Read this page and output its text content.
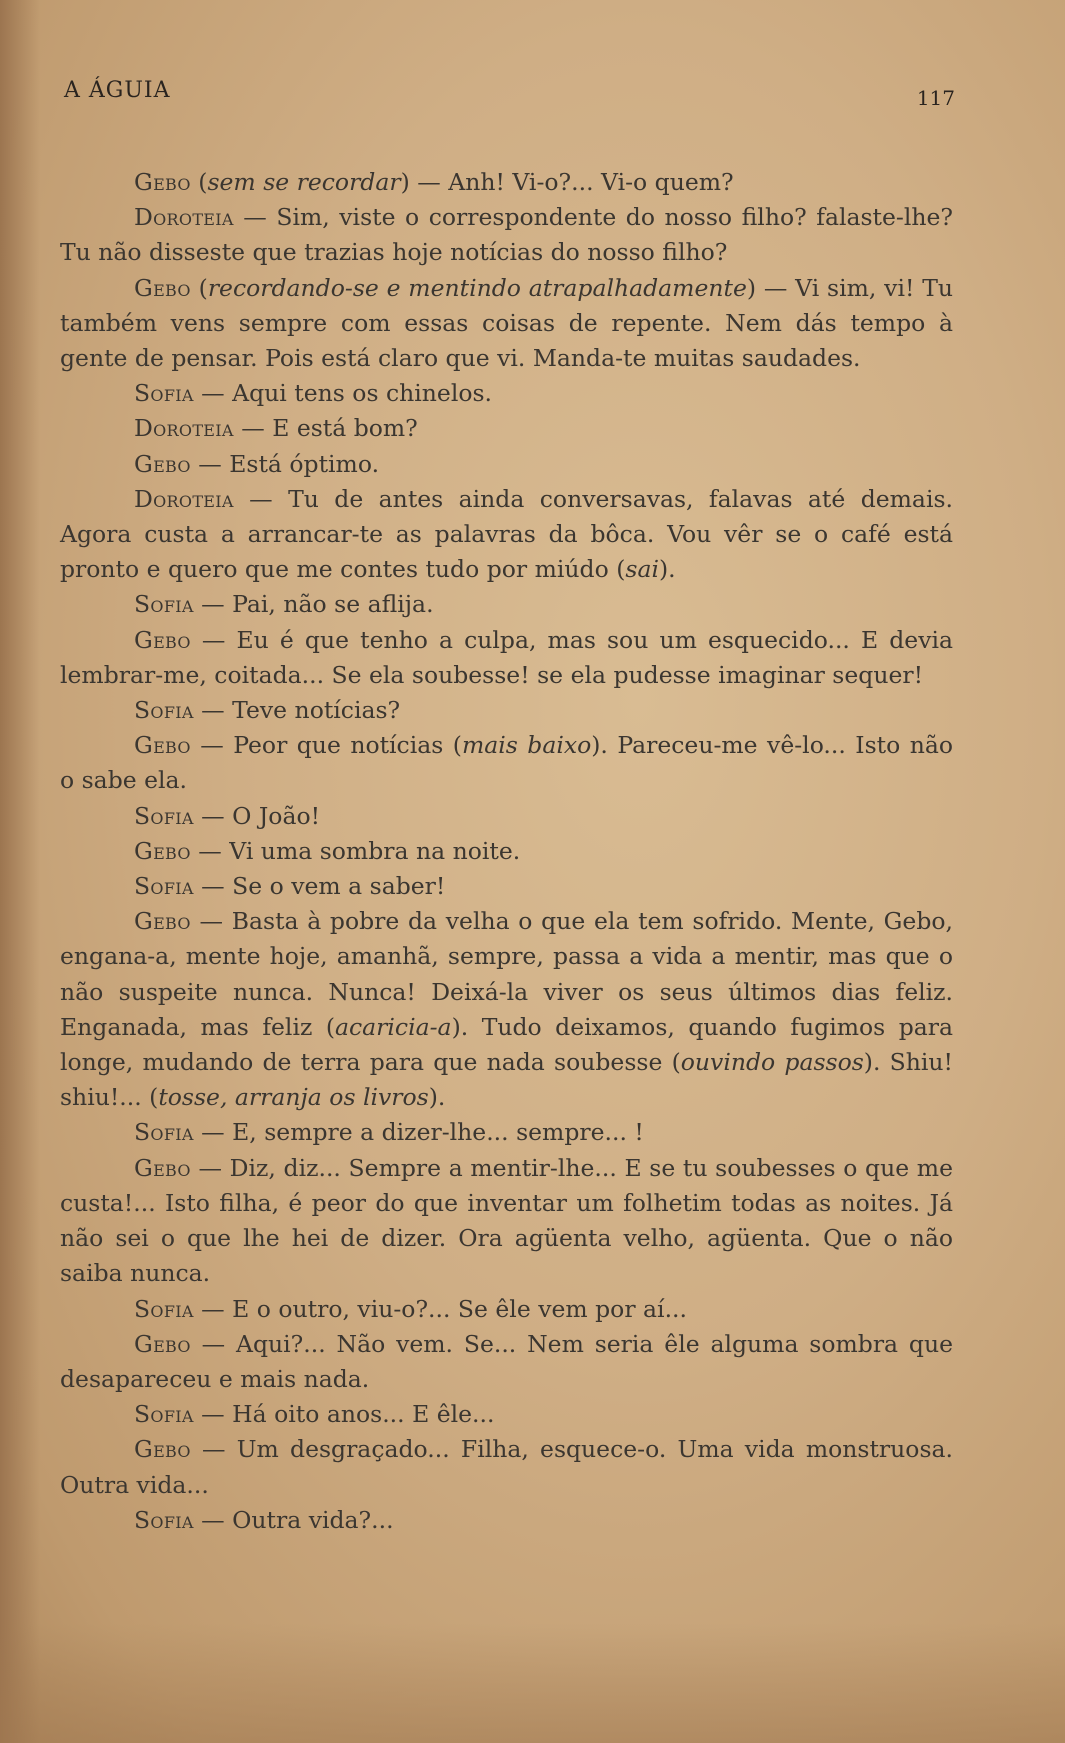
A ÁGUIA	117

Gebo (sem se recordar) — Anh! Vi-o?... Vi-o quem?

Doroteia — Sim, viste o correspondente do nosso filho? falaste-lhe? Tu não disseste que trazias hoje notícias do nosso filho?

Gebo (recordando-se e mentindo atrapalhadamente) — Vi sim, vi! Tu também vens sempre com essas coisas de repente. Nem dás tempo à gente de pensar. Pois está claro que vi. Manda-te muitas saudades.

Sofia — Aqui tens os chinelos.

Doroteia — E está bom?

Gebo — Está óptimo.

Doroteia — Tu de antes ainda conversavas, falavas até demais. Agora custa a arrancar-te as palavras da bôca. Vou vêr se o café está pronto e quero que me contes tudo por miúdo (sai).

Sofia — Pai, não se aflija.

Gebo — Eu é que tenho a culpa, mas sou um esquecido... E devia lembrar-me, coitada... Se ela soubesse! se ela pudesse imaginar sequer!

Sofia — Teve notícias?

Gebo — Peor que notícias (mais baixo). Pareceu-me vê-lo... Isto não o sabe ela.

Sofia — O João!

Gebo — Vi uma sombra na noite.

Sofia — Se o vem a saber!

Gebo — Basta à pobre da velha o que ela tem sofrido. Mente, Gebo, engana-a, mente hoje, amanhã, sempre, passa a vida a mentir, mas que o não suspeite nunca. Nunca! Deixá-la viver os seus últimos dias feliz. Enganada, mas feliz (acaricia-a). Tudo deixamos, quando fugimos para longe, mudando de terra para que nada soubesse (ouvindo passos). Shiu! shiu!... (tosse, arranja os livros).

Sofia — E, sempre a dizer-lhe... sempre... !

Gebo — Diz, diz... Sempre a mentir-lhe... E se tu soubesses o que me custa!... Isto filha, é peor do que inventar um folhetim todas as noites. Já não sei o que lhe hei de dizer. Ora agüenta velho, agüenta. Que o não saiba nunca.

Sofia — E o outro, viu-o?... Se êle vem por aí...

Gebo — Aqui?... Não vem. Se... Nem seria êle alguma sombra que desapareceu e mais nada.

Sofia — Há oito anos... E êle...

Gebo — Um desgraçado... Filha, esquece-o. Uma vida monstruosa. Outra vida...

Sofia — Outra vida?...
